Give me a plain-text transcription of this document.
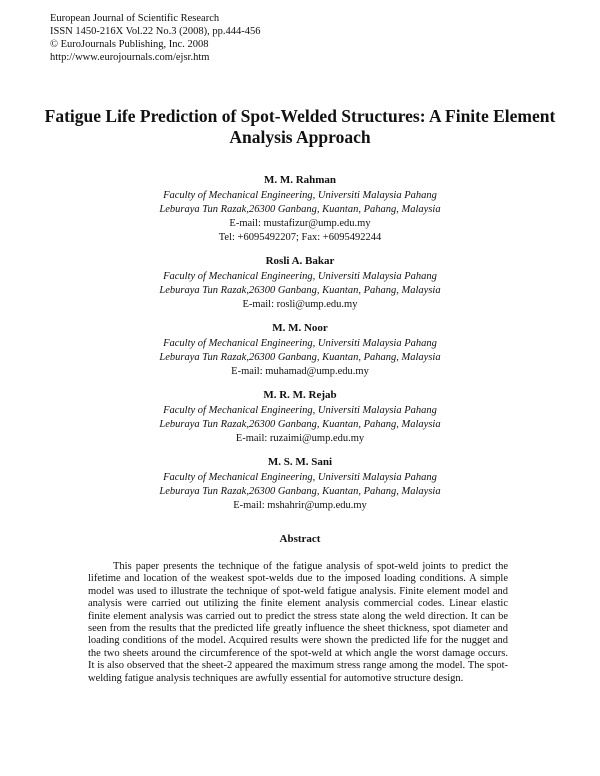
European Journal of Scientific Research
ISSN 1450-216X Vol.22 No.3 (2008), pp.444-456
© EuroJournals Publishing, Inc. 2008
http://www.eurojournals.com/ejsr.htm
Fatigue Life Prediction of Spot-Welded Structures: A Finite Element Analysis Approach
M. M. Rahman
Faculty of Mechanical Engineering, Universiti Malaysia Pahang
Leburaya Tun Razak,26300 Ganbang, Kuantan, Pahang, Malaysia
E-mail: mustafizur@ump.edu.my
Tel: +6095492207; Fax: +6095492244
Rosli A. Bakar
Faculty of Mechanical Engineering, Universiti Malaysia Pahang
Leburaya Tun Razak,26300 Ganbang, Kuantan, Pahang, Malaysia
E-mail: rosli@ump.edu.my
M. M. Noor
Faculty of Mechanical Engineering, Universiti Malaysia Pahang
Leburaya Tun Razak,26300 Ganbang, Kuantan, Pahang, Malaysia
E-mail: muhamad@ump.edu.my
M. R. M. Rejab
Faculty of Mechanical Engineering, Universiti Malaysia Pahang
Leburaya Tun Razak,26300 Ganbang, Kuantan, Pahang, Malaysia
E-mail: ruzaimi@ump.edu.my
M. S. M. Sani
Faculty of Mechanical Engineering, Universiti Malaysia Pahang
Leburaya Tun Razak,26300 Ganbang, Kuantan, Pahang, Malaysia
E-mail: mshahrir@ump.edu.my
Abstract
This paper presents the technique of the fatigue analysis of spot-weld joints to predict the lifetime and location of the weakest spot-welds due to the imposed loading conditions. A simple model was used to illustrate the technique of spot-weld fatigue analysis. Finite element model and analysis were carried out utilizing the finite element analysis commercial codes. Linear elastic finite element analysis was carried out to predict the stress state along the weld direction. It can be seen from the results that the predicted life greatly influence the sheet thickness, spot diameter and loading conditions of the model. Acquired results were shown the predicted life for the nugget and the two sheets around the circumference of the spot-weld at which angle the worst damage occurs. It is also observed that the sheet-2 appeared the maximum stress range among the model. The spot-welding fatigue analysis techniques are awfully essential for automotive structure design.
